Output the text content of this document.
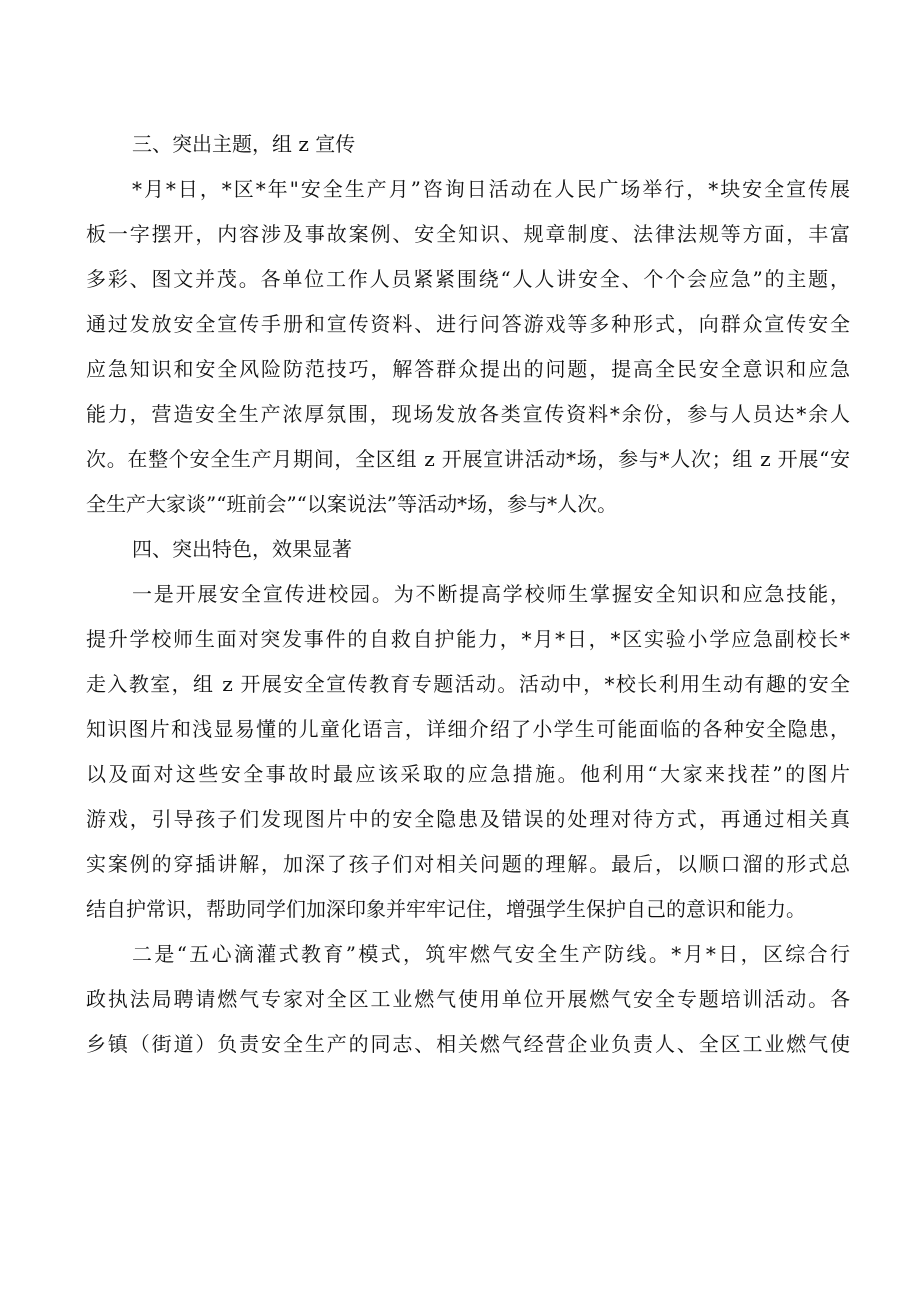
三、突出主题，组 z 宣传

*月*日，*区*年"安全生产月”咨询日活动在人民广场举行，*块安全宣传展
板一字摆开，内容涉及事故案例、安全知识、规章制度、法律法规等方面，丰富
多彩、图文并茂。各单位工作人员紧紧围绕“人人讲安全、个个会应急”的主题，
通过发放安全宣传手册和宣传资料、进行问答游戏等多种形式，向群众宣传安全
应急知识和安全风险防范技巧，解答群众提出的问题，提高全民安全意识和应急
能力，营造安全生产浓厚氛围，现场发放各类宣传资料*余份，参与人员达*余人
次。在整个安全生产月期间，全区组 z 开展宣讲活动*场，参与*人次；组 z 开展“安
全生产大家谈”“班前会”“以案说法”等活动*场，参与*人次。

四、突出特色，效果显著

一是开展安全宣传进校园。为不断提高学校师生掌握安全知识和应急技能，
提升学校师生面对突发事件的自救自护能力，*月*日，*区实验小学应急副校长*
走入教室，组 z 开展安全宣传教育专题活动。活动中，*校长利用生动有趣的安全
知识图片和浅显易懂的儿童化语言，详细介绍了小学生可能面临的各种安全隐患，
以及面对这些安全事故时最应该采取的应急措施。他利用“大家来找茬”的图片
游戏，引导孩子们发现图片中的安全隐患及错误的处理对待方式，再通过相关真
实案例的穿插讲解，加深了孩子们对相关问题的理解。最后，以顺口溜的形式总
结自护常识，帮助同学们加深印象并牢牢记住，增强学生保护自己的意识和能力。

二是“五心滴灌式教育”模式，筑牢燃气安全生产防线。*月*日，区综合行
政执法局聘请燃气专家对全区工业燃气使用单位开展燃气安全专题培训活动。各
乡镇（街道）负责安全生产的同志、相关燃气经营企业负责人、全区工业燃气使
